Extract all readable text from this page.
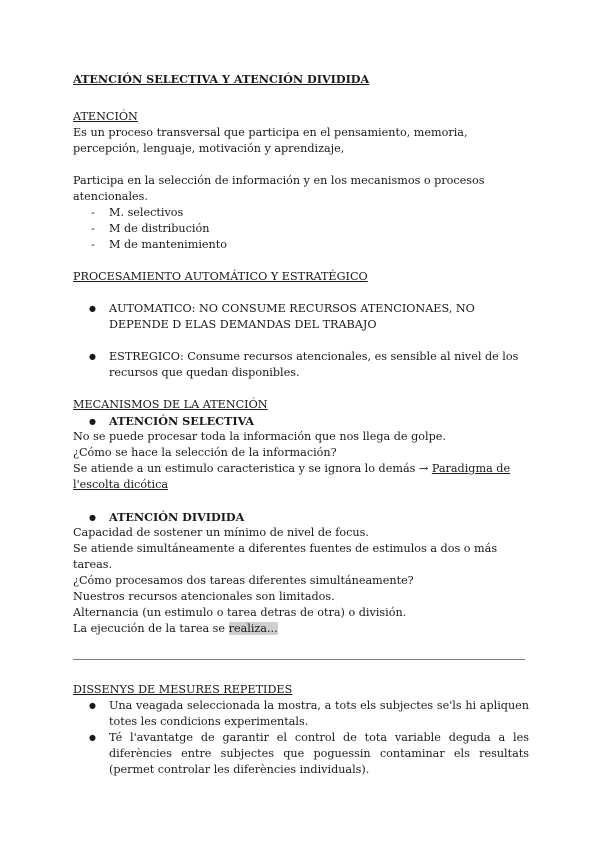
ATENCIÓN SELECTIVA Y ATENCIÓN DIVIDIDA

ATENCIÓN

Es un proceso transversal que participa en el pensamiento, memoria, percepción, lenguaje, motivación y aprendizaje,

Participa en la selección de información y en los mecanismos o procesos atencionales.

- M. selectivos
- M de distribución
- M de mantenimiento

PROCESAMIENTO AUTOMÁTICO Y ESTRATÉGICO

● AUTOMATICO: NO CONSUME RECURSOS ATENCIONAES, NO DEPENDE D ELAS DEMANDAS DEL TRABAJO
● ESTREGICO: Consume recursos atencionales, es sensible al nivel de los recursos que quedan disponibles.

MECANISMOS DE LA ATENCIÓN

● ATENCIÓN SELECTIVA

No se puede procesar toda la información que nos llega de golpe.

¿Cómo se hace la selección de la información?

Se atiende a un estimulo caracteristica y se ignora lo demás → Paradigma de l'escolta dicótica

● ATENCIÓN DIVIDIDA

Capacidad de sostener un mínimo de nivel de focus.

Se atiende simultáneamente a diferentes fuentes de estimulos a dos o más tareas.

¿Cómo procesamos dos tareas diferentes simultáneamente?

Nuestros recursos atencionales son limitados.

Alternancia (un estimulo o tarea detras de otra) o división.

La ejecución de la tarea se realiza...

DISSENYS DE MESURES REPETIDES

● Una veagada seleccionada la mostra, a tots els subjectes se'ls hi apliquen totes les condicions experimentals.
● Té l'avantatge de garantir el control de tota variable deguda a les diferències entre subjectes que poguessin contaminar els resultats (permet controlar les diferències individuals).
